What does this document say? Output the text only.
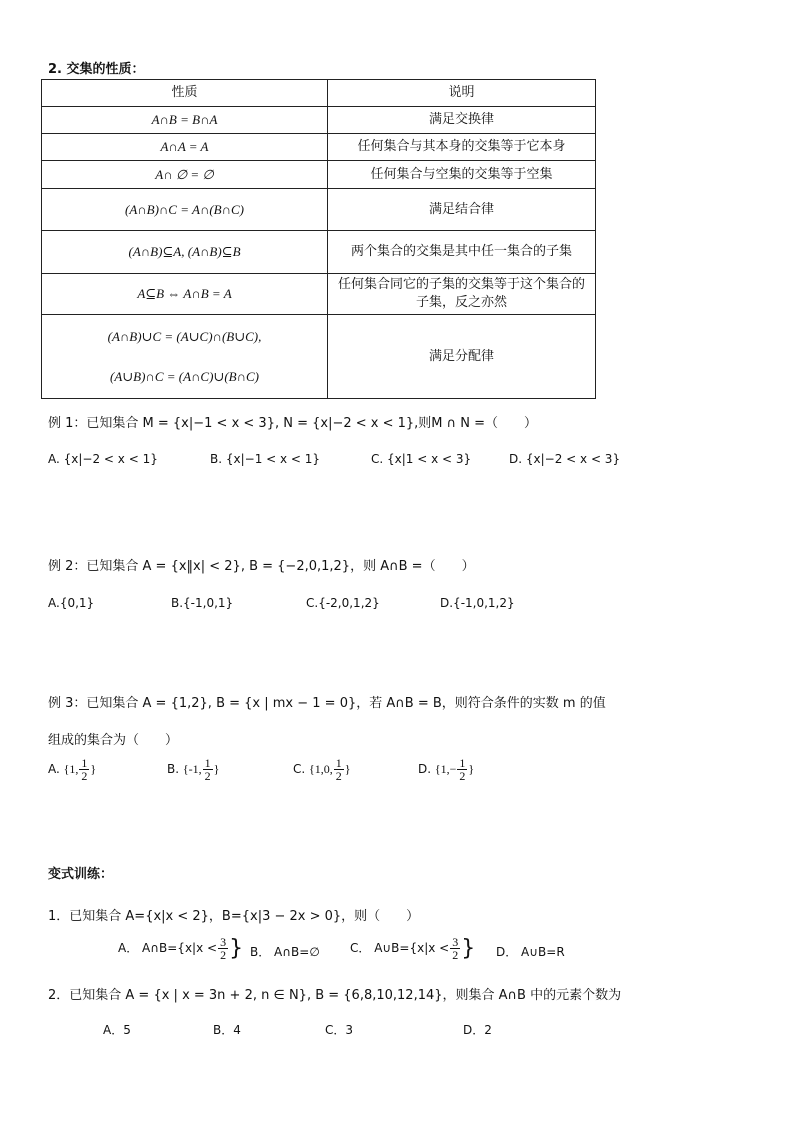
2. 交集的性质：
性质	说明
A∩B = B∩A	满足交换律
A∩A = A	任何集合与其本身的交集等于它本身
A∩ ∅ = ∅	任何集合与空集的交集等于空集
(A∩B)∩C = A∩(B∩C)	满足结合律
(A∩B)⊆A, (A∩B)⊆B	两个集合的交集是其中任一集合的子集
A⊆B ⇔ A∩B = A	任何集合同它的子集的交集等于这个集合的子集，反之亦然

(A∩B)∪C = (A∪C)∩(B∪C),
(A∪B)∩C = (A∩C)∪(B∩C)	满足分配律
例 1：已知集合 M = {x|−1 < x < 3}, N = {x|−2 < x < 1},则M ∩ N =（　　）
A. {x|−2 < x < 1}	B. {x|−1 < x < 1}	C. {x|1 < x < 3}	D. {x|−2 < x < 3}
例 2：已知集合 A = {x‖x| < 2}, B = {−2,0,1,2}，则 A∩B =（　　）
A.{0,1}	B.{-1,0,1}	C.{-2,0,1,2}	D.{-1,0,1,2}
例 3：已知集合 A = {1,2}, B = {x | mx − 1 = 0}，若 A∩B = B，则符合条件的实数 m 的值
组成的集合为（　　）
A. {1, $\frac{1}{2}$ }	B. {-1, $\frac{1}{2}$ }	C. {1,0, $\frac{1}{2}$ }	D. {$1,- \frac{1}{2}$ }
变式训练：
1．已知集合 A={x|x < 2}，B={x|3 − 2x > 0}，则（　　）
A． A∩B={x|x < $\frac{3}{2}$ } B． A∩B=∅	C． A∪B={x|x < $\frac{3}{2}$ } D． A∪B=R
2．已知集合 A = {x | x = 3n + 2, n ∈ N}, B = {6,8,10,12,14}，则集合 A∩B 中的元素个数为
A．5	B．4	C．3	D．2
